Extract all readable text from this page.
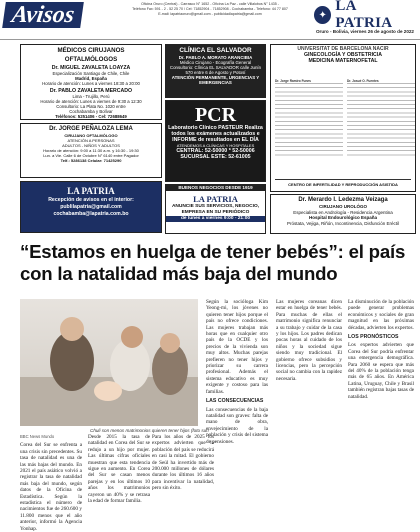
Avisos	Oficina Oruro (Central) - Carrasco N° 1652 - Oficina La Paz - calle Villalobos N° 1435 -
Teléfono Fax: 591 - 2 - 52 25 70 / Cel: 71852904 - 71852908 - Cochabamba - Telefono: 44 77 807
E-mail: lapatriaoruro@gmail.com - publicidadlapatria@gmail.com	✦
LA PATRIA
Oruro - Bolivia, viernes 26 de agosto de 2022
MÉDICOS CIRUJANOS
OFTALMÓLOGOS
Dr. MIGUEL ZAVALETA LOAYZA
Especialización Santiago de Chile, Chile
Madrid, España
Horario de atención: Lunes a viernes 18:30 a 20:00
Dr. PABLO ZAVALETA MERCADO
Lima - Trujillo, Perú
Horario de atención: Lunes a viernes de 9:30 a 12:30
Consultorio: La Plata No. 1020 entre
Cochabamba y Bolívar
Teléfonos: 5251406 - Cel: 72688649
Dr. JORGE PEÑALOZA LEMA
CIRUJANO OFTALMÓLOGO
ATENCIÓN A PERSONAS
ADULTOS - NIÑOS Y ADULTOS
Horario de atención: 9:00 a 11:30 a.m. y 16:30 - 19:30
Lun. a Vie. Calle 6 de Octubre N° 6140 entre Pagador
Telf.: 5286138 Celular: 71425290
LA PATRIA
Recepción de avisos en el interior:
publilapatria@gmail.com
cochabamba@lapatria.com.bo
CLÍNICA EL SALVADOR
Dr. PABLO A. MORATO ARANCIBIA
Médico Cirujano - Ecografía General
Consultorio: Clínica EL SALVADOR calle Junín 570 entre 6 de Agosto y Potosí
ATENCIÓN PERMANENTE, URGENCIAS Y EMERGENCIAS
PCR
Laboratorio Clínico PASTEUR Realiza
todos los exámenes actualizados e
INFORME de resultados en EL DÍA
ATENDEMOS A CLÍNICAS Y HOSPITALES
CENTRAL: 52-50000 * 52-50006
SUCURSAL ESTE: 52-61005
BUENOS NEGOCIOS DESDE 1919
LA PATRIA
ANUNCIE SUS SERVICIOS, NEGOCIO,
EMPRESA EN SU PERIÓDICO
de lunes a viernes 9:00 - 21:00
UNIVERSITAT DE BARCELONA NACIR
GINECOLOGÍA Y OBSTETRICIA
MEDICINA MATERNOFETAL
Dr. Jorge Ramiro Funes	Dr. Josué O. Fuentes
CENTRO DE INFERTILIDAD Y REPRODUCCIÓN ASISTIDA
Dr. Merardo I. Ledezma Veizaga
CIRUJANO UROLÓGO
Especialista en Andrología - Residencia Argentina
Hospital Endourológico España
Próstata, Vejiga, Riñón, Incontinencia, Disfunción Eréctil
“Estamos en huelga de tener bebés”: el país con la natalidad más baja del mundo
Chuli son menos matrimonios quieren tener hijos (foto sun
BBC News Mundo
Corea del Sur se enfrenta a una crisis sin precedentes. Su tasa de natalidad es una de las más bajas del mundo. En 2021 el país asiático volvió a registrar la tasa de natalidad más baja del mundo, según datos de la Oficina de Estadística. Según la estadística el número de nacimientos fue de 260.600 y 11.800 menos que el año anterior, informó la Agencia Yonhap.
Desde 2015 la tasa de natalidad en Corea del Sur se redujo a un hijo por mujer. Las últimas cifras oficiales muestran que esta tendencia sigue en aumento. En Corea del Sur se casan menos parejas y en los últimos 10 años los matrimonios cayeron un 40% y se retrasa la edad de formar familia.
Para los años de 2025 los expertos advierten que la población del país se reducirá en casi la mitad. El gobierno de Seúl ha invertido más de 200.000 millones de dólares durante los últimos 16 años para incentivar la natalidad, pero sin éxito.
Según la socióloga Kim Yeong-mi, los jóvenes no quieren tener hijos porque el país no ofrece condiciones. Las mujeres trabajan más horas que en cualquier otro país de la OCDE y los precios de la vivienda son muy altos. Muchas parejas prefieren no tener hijos y priorizar su carrera profesional. Además el sistema educativo es muy exigente y costoso para las familias.
LAS CONSECUENCIAS
Las consecuencias de la baja natalidad son graves: falta de mano de obra, envejecimiento de la población y crisis del sistema de pensiones.
Las mujeres coreanas dicen estar en huelga de tener bebés. Para muchas de ellas el matrimonio significa renunciar a su trabajo y cuidar de la casa y los hijos. Los padres dedican pocas horas al cuidado de los niños y la sociedad sigue siendo muy tradicional. El gobierno ofrece subsidios y licencias, pero la percepción social no cambia con la rapidez necesaria.
La disminución de la población puede generar problemas económicos y sociales de gran magnitud en las próximas décadas, advierten los expertos.
LOS PRONÓSTICOS
Los expertos advierten que Corea del Sur podría enfrentar una emergencia demográfica. Para 2060 se espera que más del 40% de la población tenga más de 65 años. En América Latina, Uruguay, Chile y Brasil también registran bajas tasas de natalidad.
